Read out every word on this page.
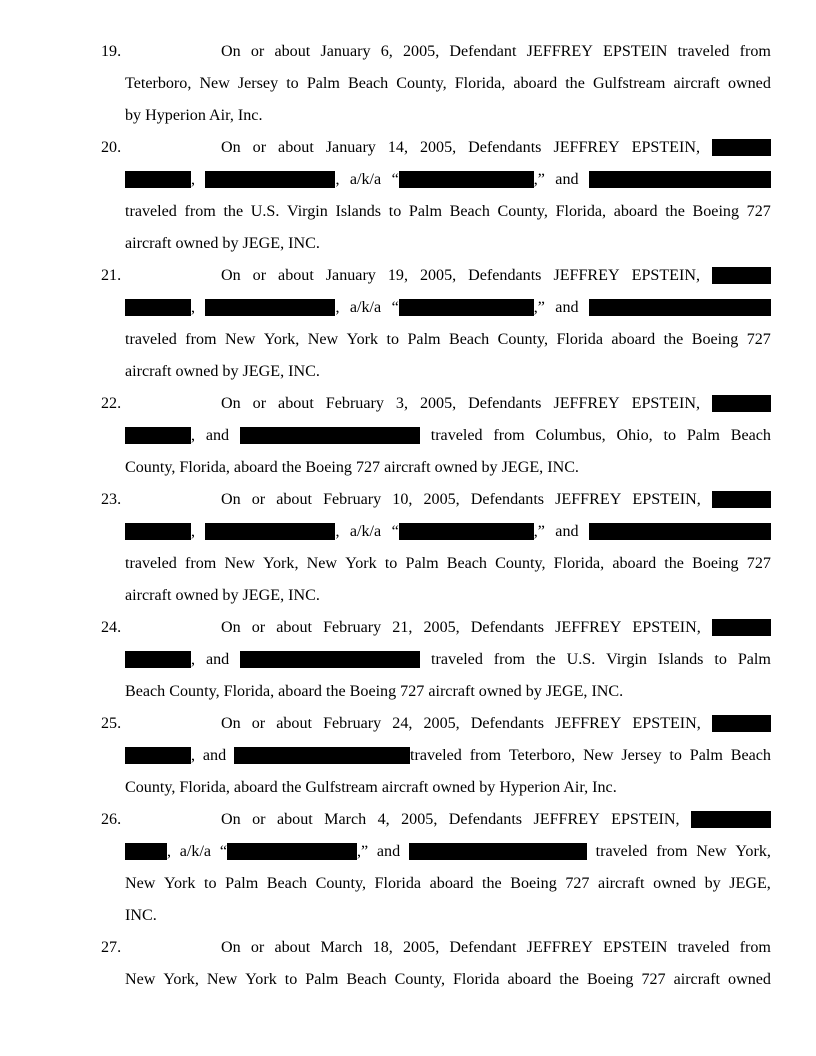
19.	On or about January 6, 2005, Defendant JEFFREY EPSTEIN traveled from
Teterboro, New Jersey to Palm Beach County, Florida, aboard the Gulfstream aircraft owned
by Hyperion Air, Inc.
20.	On or about January 14, 2005, Defendants JEFFREY EPSTEIN,
,	, a/k/a “	,” and
traveled from the U.S. Virgin Islands to Palm Beach County, Florida, aboard the Boeing 727
aircraft owned by JEGE, INC.
21.	On or about January 19, 2005, Defendants JEFFREY EPSTEIN,
,	, a/k/a “	,” and
traveled from New York, New York to Palm Beach County, Florida aboard the Boeing 727
aircraft owned by JEGE, INC.
22.	On or about February 3, 2005, Defendants JEFFREY EPSTEIN,
, and	traveled from Columbus, Ohio, to Palm Beach
County, Florida, aboard the Boeing 727 aircraft owned by JEGE, INC.
23.	On or about February 10, 2005, Defendants JEFFREY EPSTEIN,
,	, a/k/a “	,” and
traveled from New York, New York to Palm Beach County, Florida, aboard the Boeing 727
aircraft owned by JEGE, INC.
24.	On or about February 21, 2005, Defendants JEFFREY EPSTEIN,
, and	traveled from the U.S. Virgin Islands to Palm
Beach County, Florida, aboard the Boeing 727 aircraft owned by JEGE, INC.
25.	On or about February 24, 2005, Defendants JEFFREY EPSTEIN,
, and	traveled from Teterboro, New Jersey to Palm Beach
County, Florida, aboard the Gulfstream aircraft owned by Hyperion Air, Inc.
26.	On or about March 4, 2005, Defendants JEFFREY EPSTEIN,
, a/k/a “	,” and	traveled from New York,
New York to Palm Beach County, Florida aboard the Boeing 727 aircraft owned by JEGE,
INC.
27.	On or about March 18, 2005, Defendant JEFFREY EPSTEIN traveled from
New York, New York to Palm Beach County, Florida aboard the Boeing 727 aircraft owned
